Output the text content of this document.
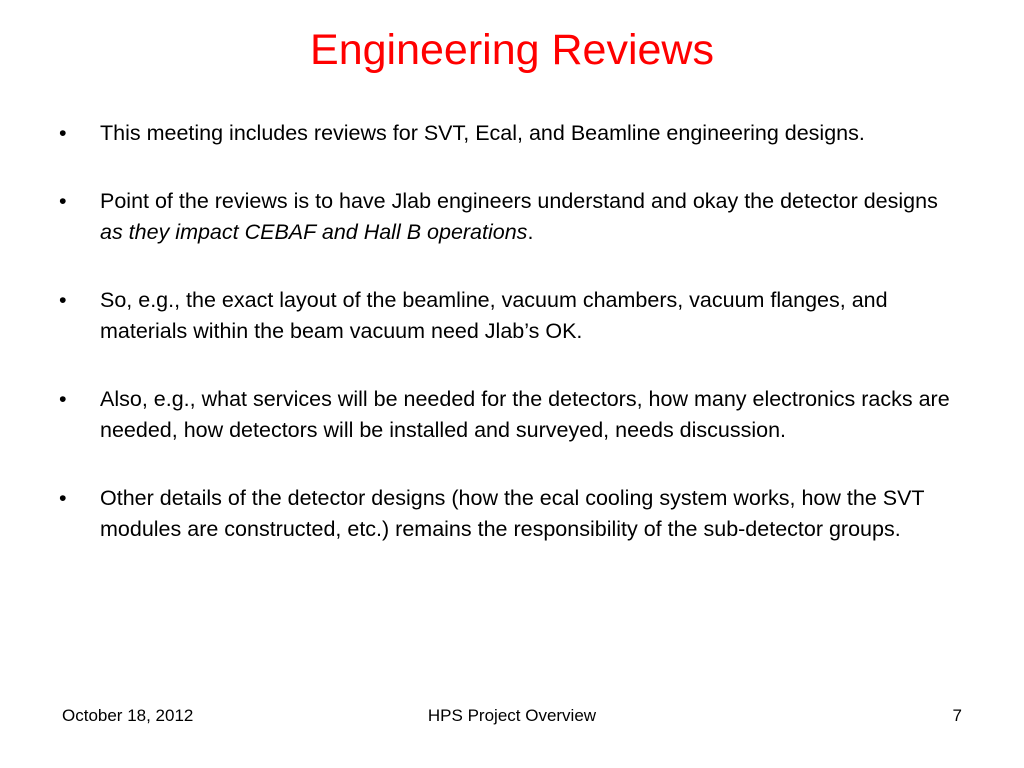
Engineering Reviews
• This meeting includes reviews for SVT, Ecal, and Beamline engineering designs.
• Point of the reviews is to have Jlab engineers understand and okay the detector designs as they impact CEBAF and Hall B operations.
• So, e.g., the exact layout of the beamline, vacuum chambers, vacuum flanges, and materials within the beam vacuum need Jlab’s OK.
• Also, e.g., what services will be needed for the detectors, how many electronics racks are needed, how detectors will be installed and surveyed, needs discussion.
• Other details of the detector designs (how the ecal cooling system works, how the SVT modules are constructed, etc.) remains the responsibility of the sub-detector groups.
HPS Project Overview
October 18, 2012	7
